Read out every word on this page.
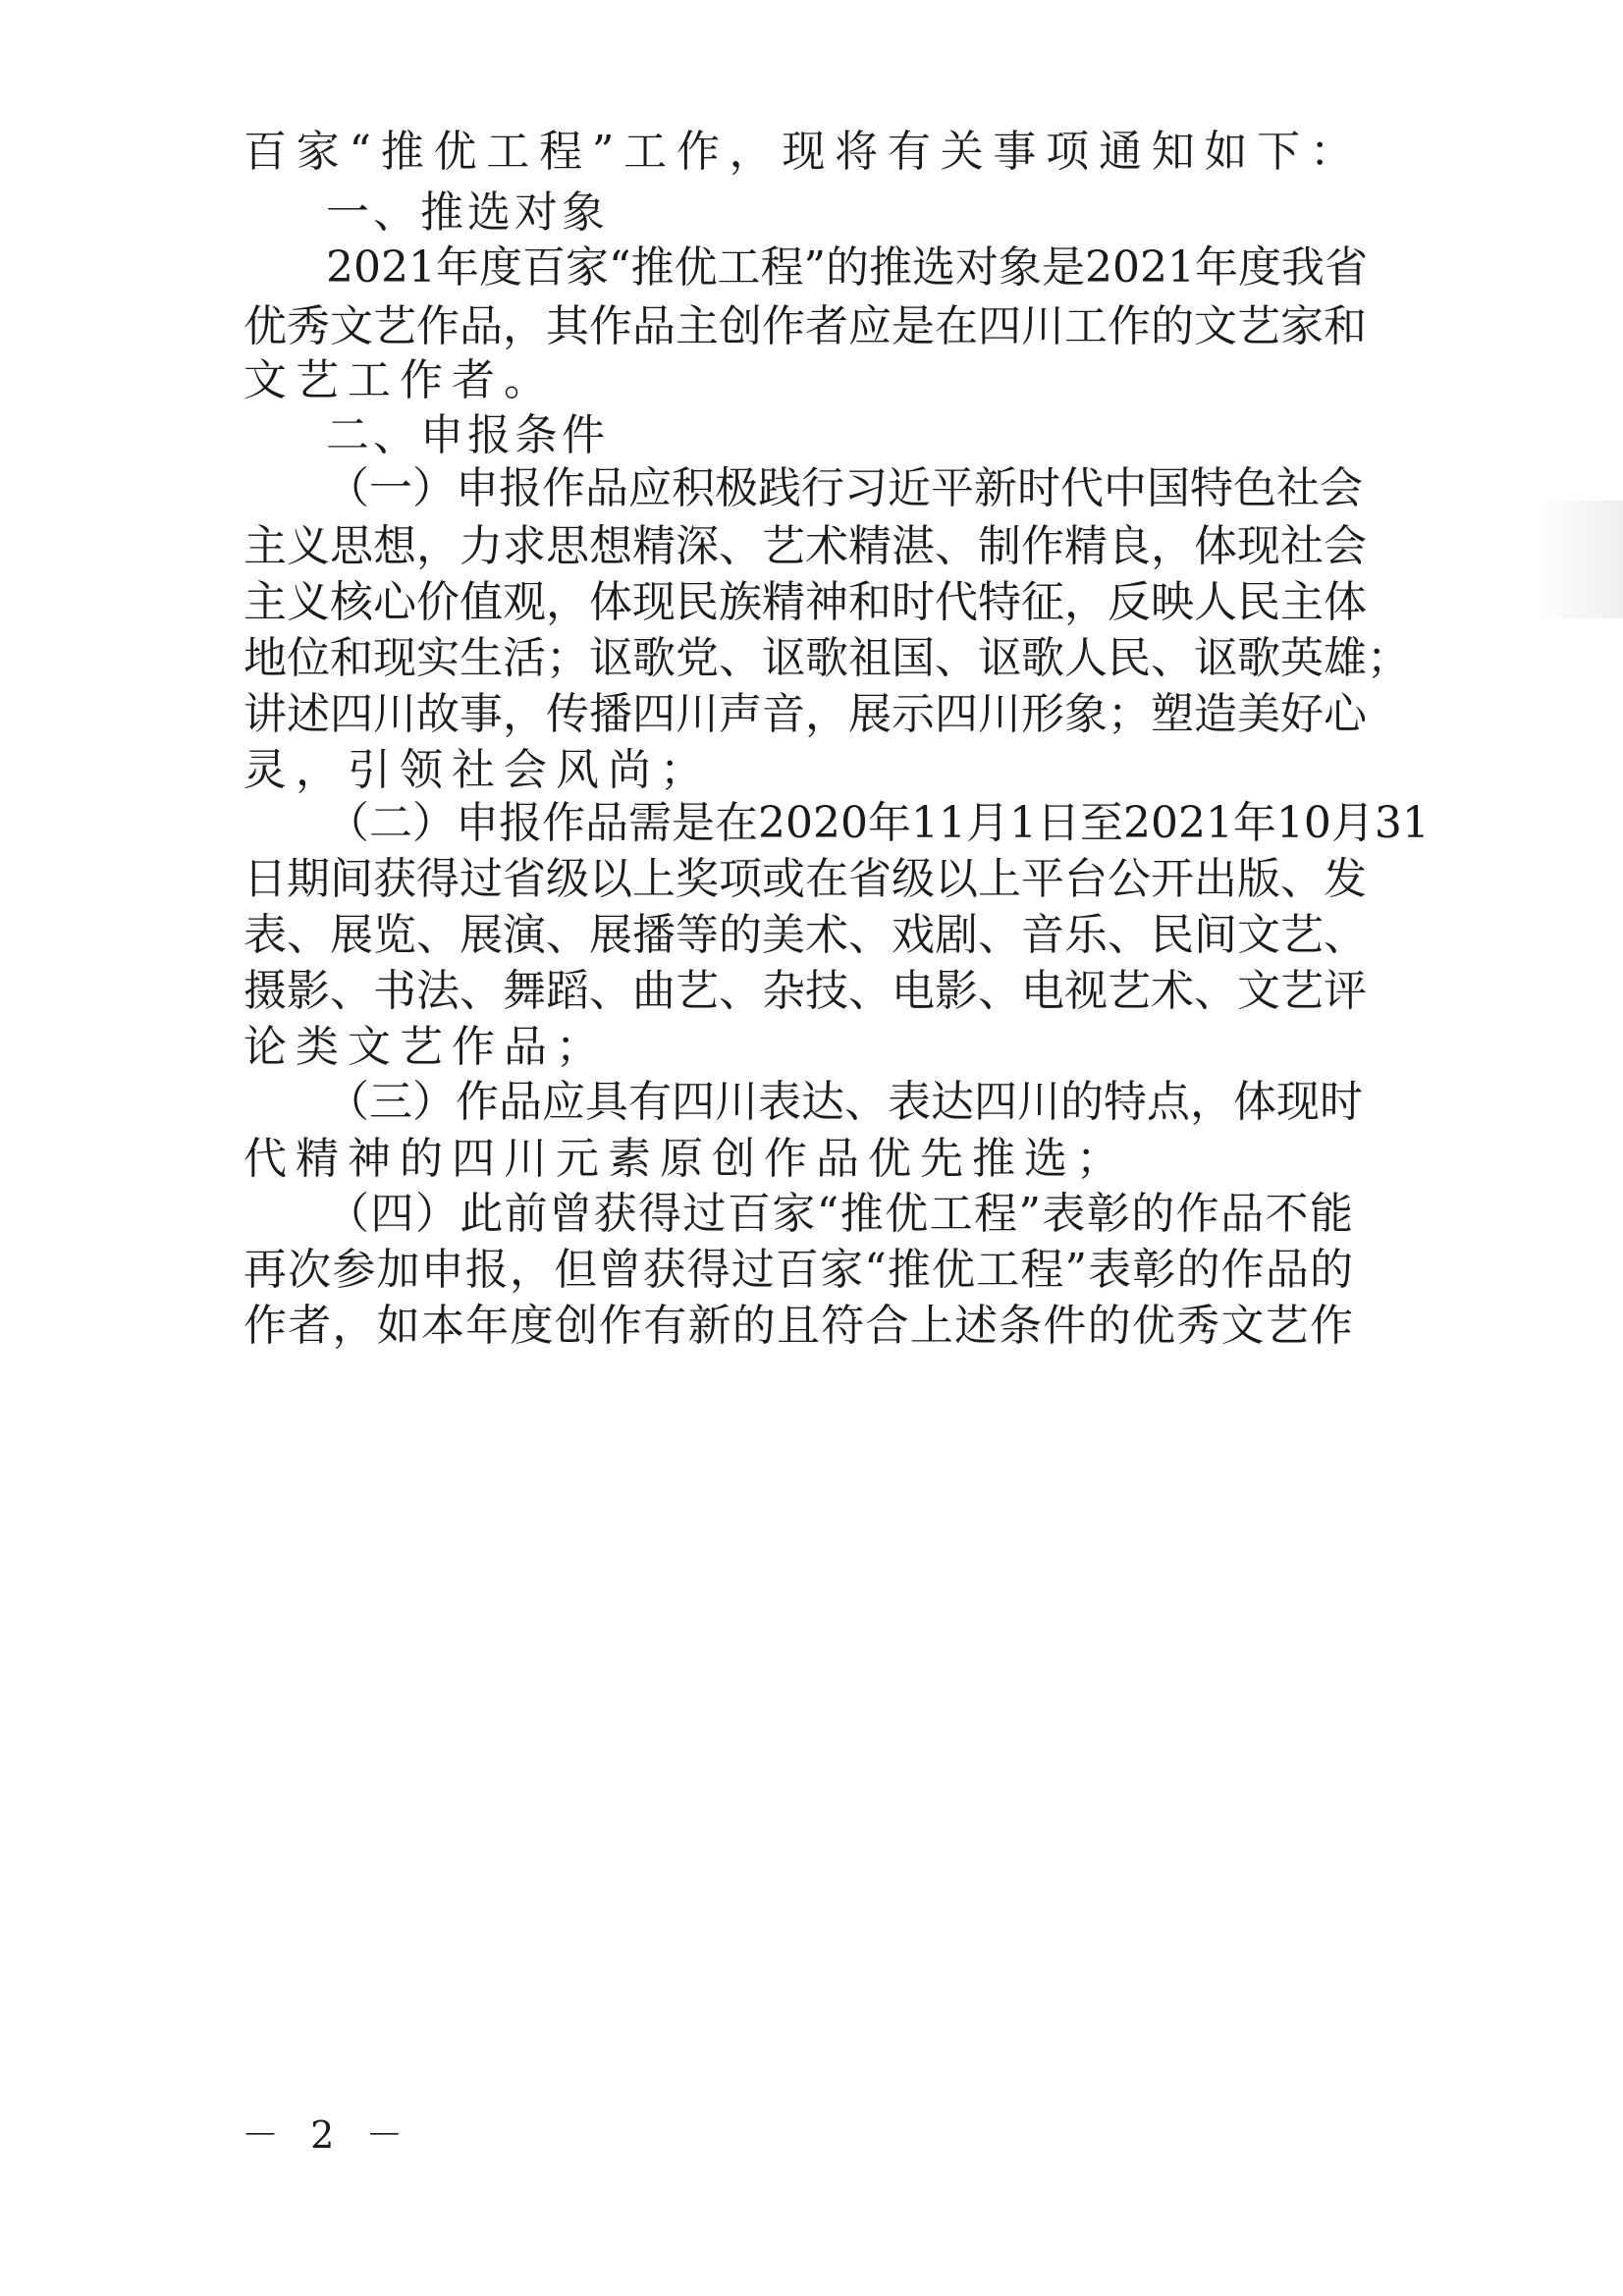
百家“推优工程”工作，现将有关事项通知如下：
一、推选对象
2021年度百家“推优工程”的推选对象是2021年度我省
优秀文艺作品，其作品主创作者应是在四川工作的文艺家和
文艺工作者。
二、申报条件
（一）申报作品应积极践行习近平新时代中国特色社会
主义思想，力求思想精深、艺术精湛、制作精良，体现社会
主义核心价值观，体现民族精神和时代特征，反映人民主体
地位和现实生活；讴歌党、讴歌祖国、讴歌人民、讴歌英雄；
讲述四川故事，传播四川声音，展示四川形象；塑造美好心
灵，引领社会风尚；
（二）申报作品需是在2020年11月1日至2021年10月31
日期间获得过省级以上奖项或在省级以上平台公开出版、发
表、展览、展演、展播等的美术、戏剧、音乐、民间文艺、
摄影、书法、舞蹈、曲艺、杂技、电影、电视艺术、文艺评
论类文艺作品；
（三）作品应具有四川表达、表达四川的特点，体现时
代精神的四川元素原创作品优先推选；
（四）此前曾获得过百家“推优工程”表彰的作品不能
再次参加申报，但曾获得过百家“推优工程”表彰的作品的
作者，如本年度创作有新的且符合上述条件的优秀文艺作
－ 2 －
